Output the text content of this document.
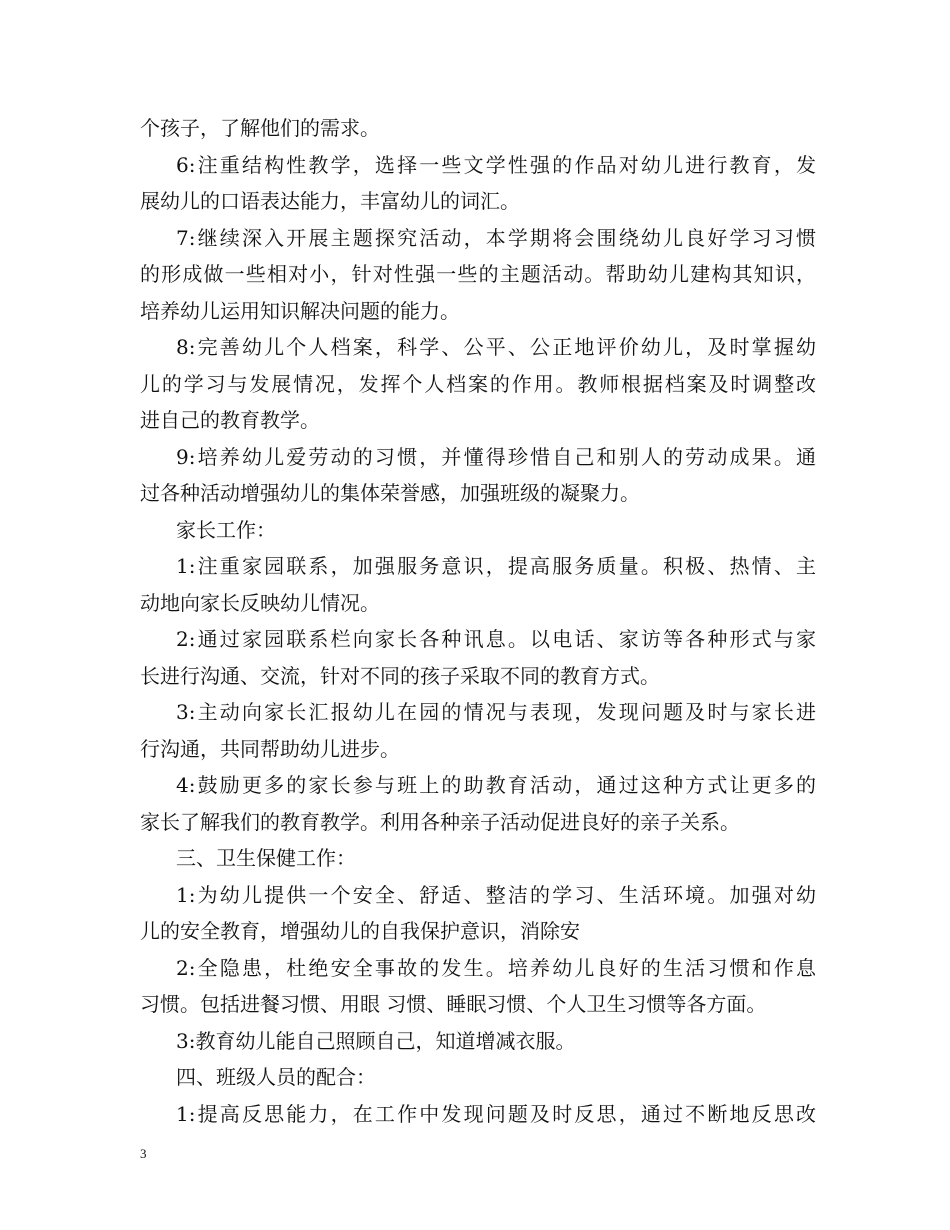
个孩子，了解他们的需求。
6:注重结构性教学，选择一些文学性强的作品对幼儿进行教育，发
展幼儿的口语表达能力，丰富幼儿的词汇。
7:继续深入开展主题探究活动，本学期将会围绕幼儿良好学习习惯
的形成做一些相对小，针对性强一些的主题活动。帮助幼儿建构其知识，
培养幼儿运用知识解决问题的能力。
8:完善幼儿个人档案，科学、公平、公正地评价幼儿，及时掌握幼
儿的学习与发展情况，发挥个人档案的作用。教师根据档案及时调整改
进自己的教育教学。
9:培养幼儿爱劳动的习惯，并懂得珍惜自己和别人的劳动成果。通
过各种活动增强幼儿的集体荣誉感，加强班级的凝聚力。
家长工作：
1:注重家园联系，加强服务意识，提高服务质量。积极、热情、主
动地向家长反映幼儿情况。
2:通过家园联系栏向家长各种讯息。以电话、家访等各种形式与家
长进行沟通、交流，针对不同的孩子采取不同的教育方式。
3:主动向家长汇报幼儿在园的情况与表现，发现问题及时与家长进
行沟通，共同帮助幼儿进步。
4:鼓励更多的家长参与班上的助教育活动，通过这种方式让更多的
家长了解我们的教育教学。利用各种亲子活动促进良好的亲子关系。
三、卫生保健工作：
1:为幼儿提供一个安全、舒适、整洁的学习、生活环境。加强对幼
儿的安全教育，增强幼儿的自我保护意识，消除安
2:全隐患，杜绝安全事故的发生。培养幼儿良好的生活习惯和作息
习惯。包括进餐习惯、用眼 习惯、睡眠习惯、个人卫生习惯等各方面。
3:教育幼儿能自己照顾自己，知道增减衣服。
四、班级人员的配合：
1:提高反思能力，在工作中发现问题及时反思，通过不断地反思改
3
